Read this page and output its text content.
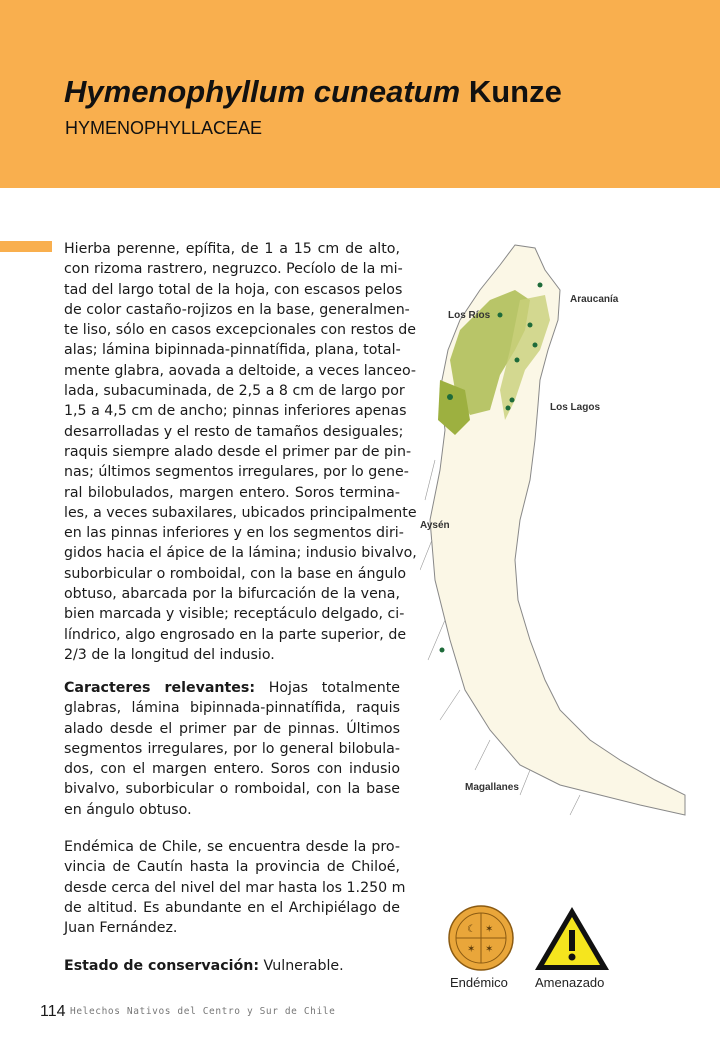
Hymenophyllum cuneatum Kunze
HYMENOPHYLLACEAE
Hierba perenne, epífita, de 1 a 15 cm de alto,
con rizoma rastrero, negruzco. Pecíolo de la mi-
tad del largo total de la hoja, con escasos pelos
de color castaño-rojizos en la base, generalmen-
te liso, sólo en casos excepcionales con restos de
alas; lámina bipinnada-pinnatífida, plana, total-
mente glabra, aovada a deltoide, a veces lanceo-
lada, subacuminada, de 2,5 a 8 cm de largo por
1,5 a 4,5 cm de ancho; pinnas inferiores apenas
desarrolladas y el resto de tamaños desiguales;
raquis siempre alado desde el primer par de pin-
nas; últimos segmentos irregulares, por lo gene-
ral bilobulados, margen entero. Soros termina-
les, a veces subaxilares, ubicados principalmente
en las pinnas inferiores y en los segmentos diri-
gidos hacia el ápice de la lámina; indusio bivalvo,
suborbicular o romboidal, con la base en ángulo
obtuso, abarcada por la bifurcación de la vena,
bien marcada y visible; receptáculo delgado, ci-
líndrico, algo engrosado en la parte superior, de
2/3 de la longitud del indusio.
Caracteres relevantes: Hojas totalmente
glabras, lámina bipinnada-pinnatífida, raquis
alado desde el primer par de pinnas. Últimos
segmentos irregulares, por lo general bilobula-
dos, con el margen entero. Soros con indusio
bivalvo, suborbicular o romboidal, con la base
en ángulo obtuso.
Endémica de Chile, se encuentra desde la pro-
vincia de Cautín hasta la provincia de Chiloé,
desde cerca del nivel del mar hasta los 1.250 m
de altitud. Es abundante en el Archipiélago de
Juan Fernández.
Estado de conservación: Vulnerable.
Araucanía
Los Ríos
Los Lagos
Aysén
Magallanes
☾ ✶
✶ ✶
Endémico Amenazado
114 Helechos Nativos del Centro y Sur de Chile
